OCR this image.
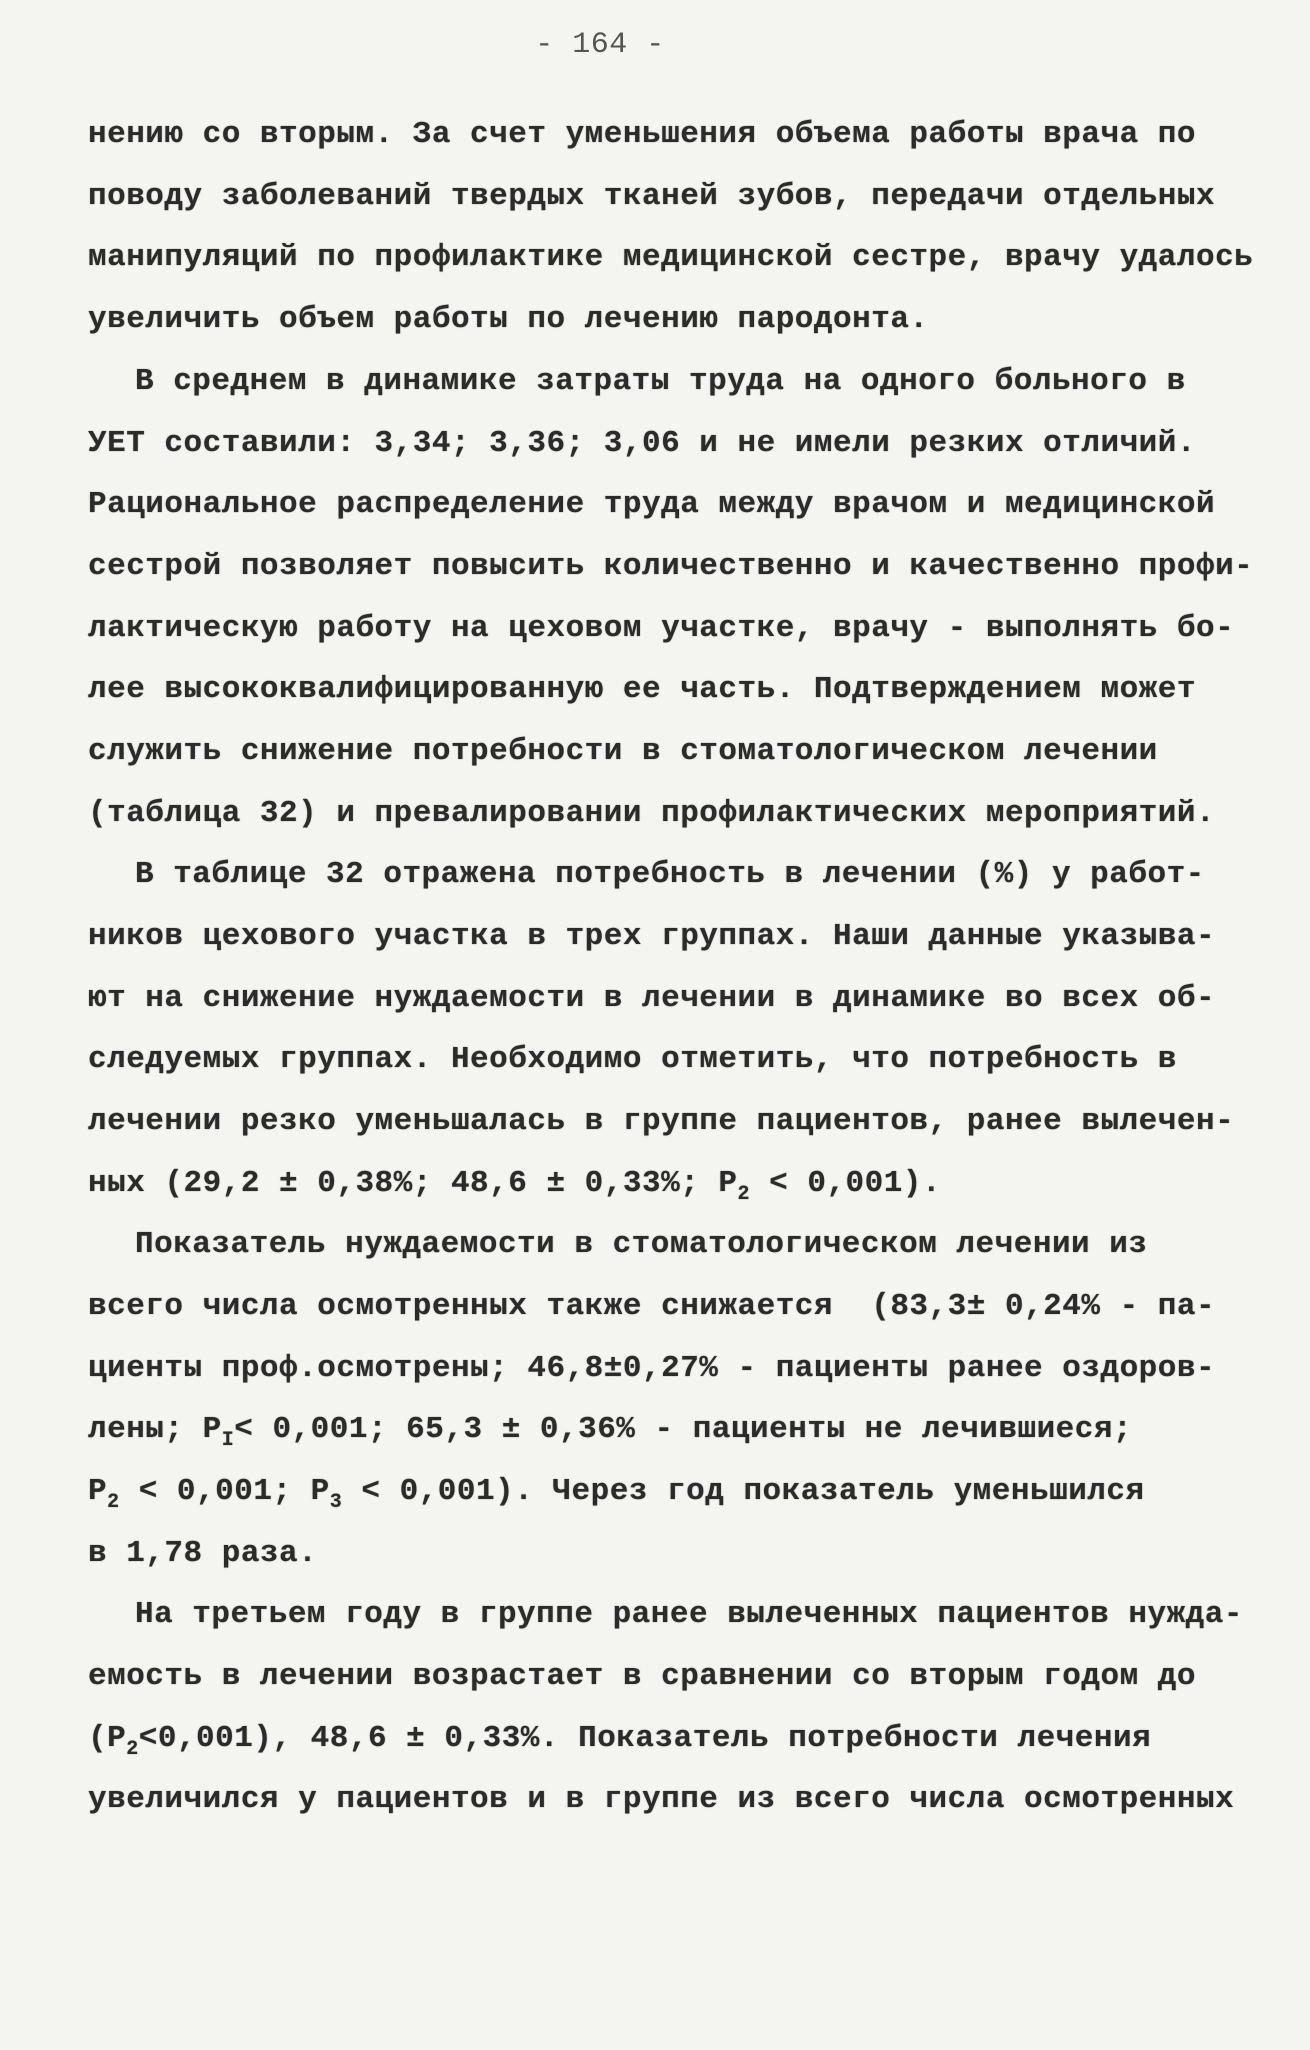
- 164 -
нению со вторым. За счет уменьшения объема работы врача по
поводу заболеваний твердых тканей зубов, передачи отдельных
манипуляций по профилактике медицинской сестре, врачу удалось
увеличить объем работы по лечению пародонта.
В среднем в динамике затраты труда на одного больного в
УЕТ составили: 3,34; 3,36; 3,06 и не имели резких отличий.
Рациональное распределение труда между врачом и медицинской
сестрой позволяет повысить количественно и качественно профи-
лактическую работу на цеховом участке, врачу - выполнять бо-
лее высококвалифицированную ее часть. Подтверждением может
служить снижение потребности в стоматологическом лечении
(таблица 32) и превалировании профилактических мероприятий.
В таблице 32 отражена потребность в лечении (%) у работ-
ников цехового участка в трех группах. Наши данные указыва-
ют на снижение нуждаемости в лечении в динамике во всех об-
следуемых группах. Необходимо отметить, что потребность в
лечении резко уменьшалась в группе пациентов, ранее вылечен-
ных (29,2 ± 0,38%; 48,6 ± 0,33%; $P_2 < 0,001$).
Показатель нуждаемости в стоматологическом лечении из
всего числа осмотренных также снижается  (83,3± 0,24% - па-
циенты проф.осмотрены; 46,8±0,27% - пациенты ранее оздоров-
лены; $P_I< 0,001$; 65,3 ± 0,36% - пациенты не лечившиеся;
$P_2 < 0,001$; $P_3 < 0,001$). Через год показатель уменьшился
в 1,78 раза.
На третьем году в группе ранее вылеченных пациентов нужда-
емость в лечении возрастает в сравнении со вторым годом до
$(P_2<0,001)$, 48,6 ± 0,33%. Показатель потребности лечения
увеличился у пациентов и в группе из всего числа осмотренных
